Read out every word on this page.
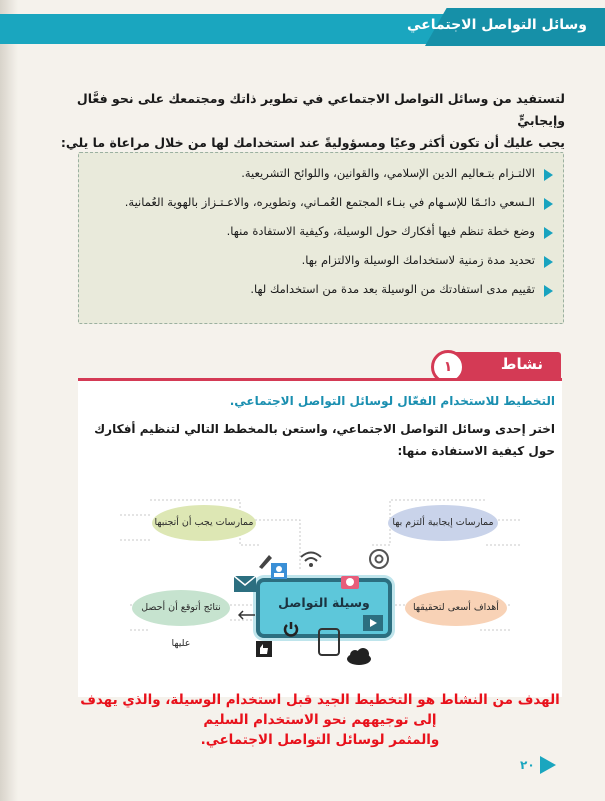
وسائل التواصل الاجتماعي
لتستفيد من وسائل التواصل الاجتماعي في تطوير ذاتك ومجتمعك على نحو فعَّال وإيجابيٍّ
يجب عليك أن تكون أكثر وعيًا ومسؤوليةً عند استخدامك لها من خلال مراعاة ما يلي:
الالتـزام بتـعاليم الدين الإسلامي، والقوانين، واللوائح التشريعية.
الـسعي دائـمًا للإسـهام في بنـاء المجتمع العُمـاني، وتطويره، والاعـتـزاز بالهوية العُمانية.
وضع خطة تنظم فيها أفكارك حول الوسيلة، وكيفية الاستفادة منها.
تحديد مدة زمنية لاستخدامك الوسيلة والالتزام بها.
تقييم مدى استفادتك من الوسيلة بعد مدة من استخدامك لها.
نشاط
١
التخطيط للاستخدام الفعّال لوسائل التواصل الاجتماعي.
اختر إحدى وسائل التواصل الاجتماعي، واستعن بالمخطط التالي لتنظيم أفكارك حول كيفية الاستفادة منها:
ممارسات يجب أن أتجنبها	ممارسات إيجابية ألتزم بها
نتائج أتوقع أن أحصل عليها
أهداف أسعى لتحقيقها
وسيلة التواصل
الهدف من النشاط هو التخطيط الجيد قبل استخدام الوسيلة، والذي يهدف
إلى توجيههم نحو الاستخدام السليم
والمثمر لوسائل التواصل الاجتماعي.
٢٠
